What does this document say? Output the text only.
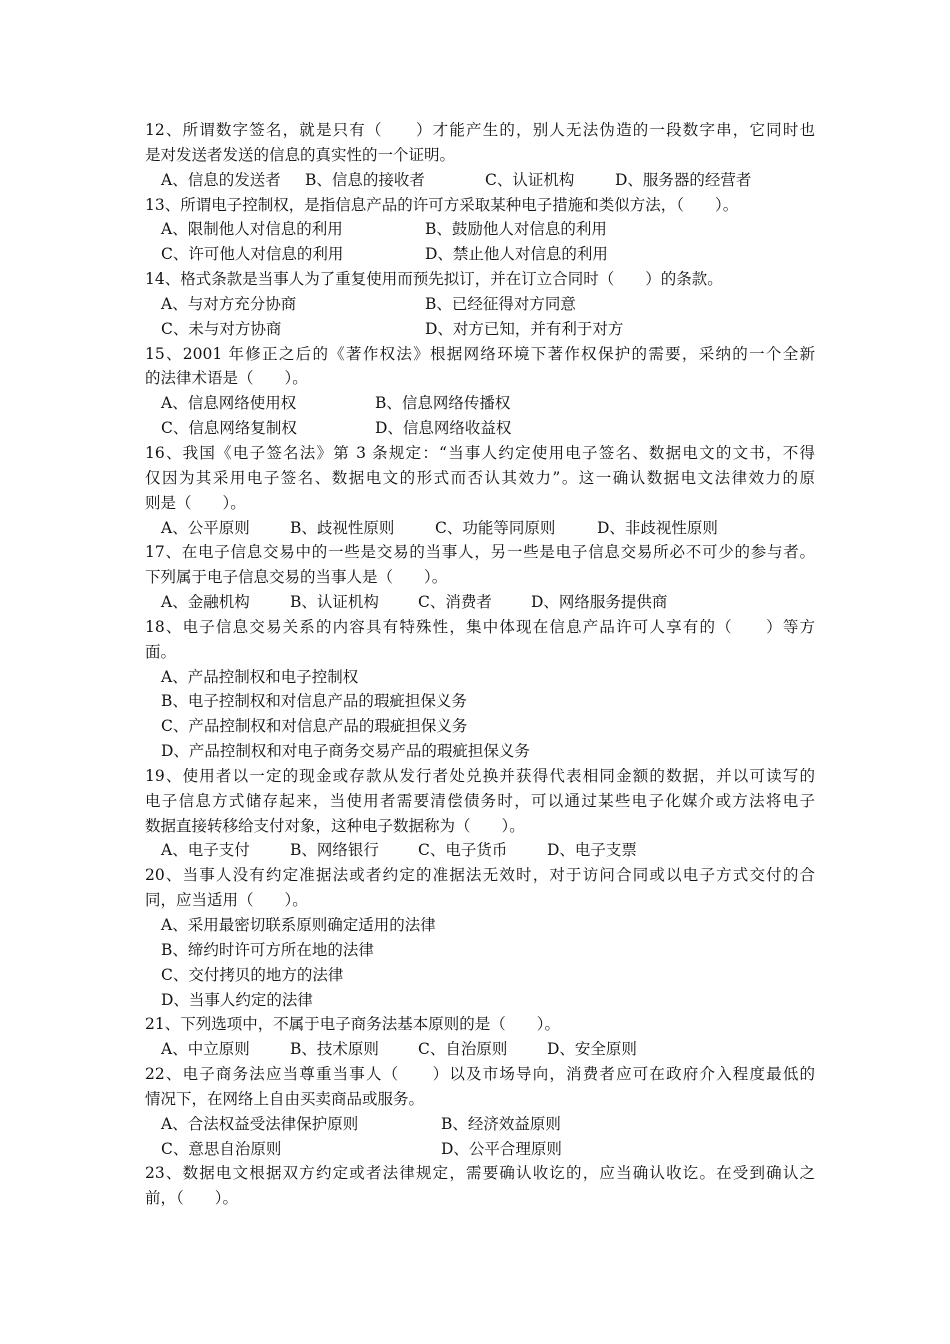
12、所谓数字签名，就是只有（　　）才能产生的，别人无法伪造的一段数字串，它同时也
是对发送者发送的信息的真实性的一个证明。
A、信息的发送者 B、信息的接收者	C、认证机构	D、服务器的经营者
13、所谓电子控制权，是指信息产品的许可方采取某种电子措施和类似方法，（　　）。
A、限制他人对信息的利用	B、鼓励他人对信息的利用
C、许可他人对信息的利用	D、禁止他人对信息的利用
14、格式条款是当事人为了重复使用而预先拟订，并在订立合同时（　　）的条款。
A、与对方充分协商	B、已经征得对方同意
C、未与对方协商	D、对方已知，并有利于对方
15、2001 年修正之后的《著作权法》根据网络环境下著作权保护的需要，采纳的一个全新
的法律术语是（　　）。
A、信息网络使用权	B、信息网络传播权
C、信息网络复制权	D、信息网络收益权
16、我国《电子签名法》第 3 条规定：“当事人约定使用电子签名、数据电文的文书，不得
仅因为其采用电子签名、数据电文的形式而否认其效力”。这一确认数据电文法律效力的原
则是（　　）。
A、公平原则	B、歧视性原则	C、功能等同原则	D、非歧视性原则
17、在电子信息交易中的一些是交易的当事人，另一些是电子信息交易所必不可少的参与者。
下列属于电子信息交易的当事人是（　　）。
A、金融机构	B、认证机构	C、消费者	D、网络服务提供商
18、电子信息交易关系的内容具有特殊性，集中体现在信息产品许可人享有的（　　）等方
面。
A、产品控制权和电子控制权
B、电子控制权和对信息产品的瑕疵担保义务
C、产品控制权和对信息产品的瑕疵担保义务
D、产品控制权和对电子商务交易产品的瑕疵担保义务
19、使用者以一定的现金或存款从发行者处兑换并获得代表相同金额的数据，并以可读写的
电子信息方式储存起来，当使用者需要清偿债务时，可以通过某些电子化媒介或方法将电子
数据直接转移给支付对象，这种电子数据称为（　　）。
A、电子支付	B、网络银行	C、电子货币	D、电子支票
20、当事人没有约定准据法或者约定的准据法无效时，对于访问合同或以电子方式交付的合
同，应当适用（　　）。
A、采用最密切联系原则确定适用的法律
B、缔约时许可方所在地的法律
C、交付拷贝的地方的法律
D、当事人约定的法律
21、下列选项中，不属于电子商务法基本原则的是（　　）。
A、中立原则	B、技术原则	C、自治原则	D、安全原则
22、电子商务法应当尊重当事人（　　）以及市场导向，消费者应可在政府介入程度最低的
情况下，在网络上自由买卖商品或服务。
A、合法权益受法律保护原则	B、经济效益原则
C、意思自治原则	D、公平合理原则
23、数据电文根据双方约定或者法律规定，需要确认收讫的，应当确认收讫。在受到确认之
前，（　　）。
